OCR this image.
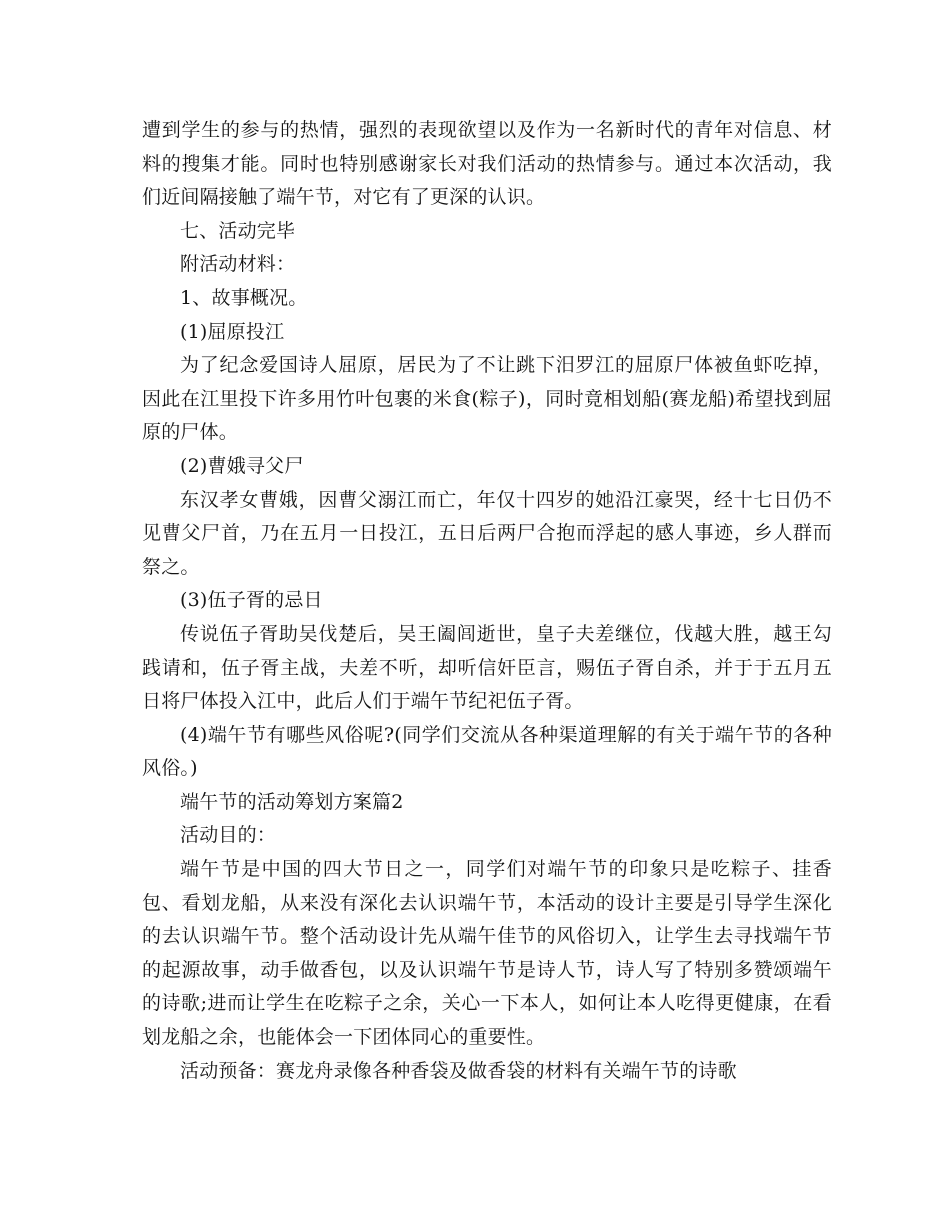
遭到学生的参与的热情，强烈的表现欲望以及作为一名新时代的青年对信息、材料的搜集才能。同时也特别感谢家长对我们活动的热情参与。通过本次活动，我们近间隔接触了端午节，对它有了更深的认识。

七、活动完毕

附活动材料：

1、故事概况。

(1)屈原投江

为了纪念爱国诗人屈原，居民为了不让跳下汨罗江的屈原尸体被鱼虾吃掉，因此在江里投下许多用竹叶包裹的米食(粽子)，同时竟相划船(赛龙船)希望找到屈原的尸体。

(2)曹娥寻父尸

东汉孝女曹娥，因曹父溺江而亡，年仅十四岁的她沿江豪哭，经十七日仍不见曹父尸首，乃在五月一日投江，五日后两尸合抱而浮起的感人事迹，乡人群而祭之。

(3)伍子胥的忌日

传说伍子胥助吴伐楚后，吴王阖闾逝世，皇子夫差继位，伐越大胜，越王勾践请和，伍子胥主战，夫差不听，却听信奸臣言，赐伍子胥自杀，并于于五月五日将尸体投入江中，此后人们于端午节纪祀伍子胥。

(4)端午节有哪些风俗呢?(同学们交流从各种渠道理解的有关于端午节的各种风俗。)

端午节的活动筹划方案篇2

活动目的：

端午节是中国的四大节日之一，同学们对端午节的印象只是吃粽子、挂香包、看划龙船，从来没有深化去认识端午节，本活动的设计主要是引导学生深化的去认识端午节。整个活动设计先从端午佳节的风俗切入，让学生去寻找端午节的起源故事，动手做香包，以及认识端午节是诗人节，诗人写了特别多赞颂端午的诗歌;进而让学生在吃粽子之余，关心一下本人，如何让本人吃得更健康，在看划龙船之余，也能体会一下团体同心的重要性。

活动预备：赛龙舟录像各种香袋及做香袋的材料有关端午节的诗歌
